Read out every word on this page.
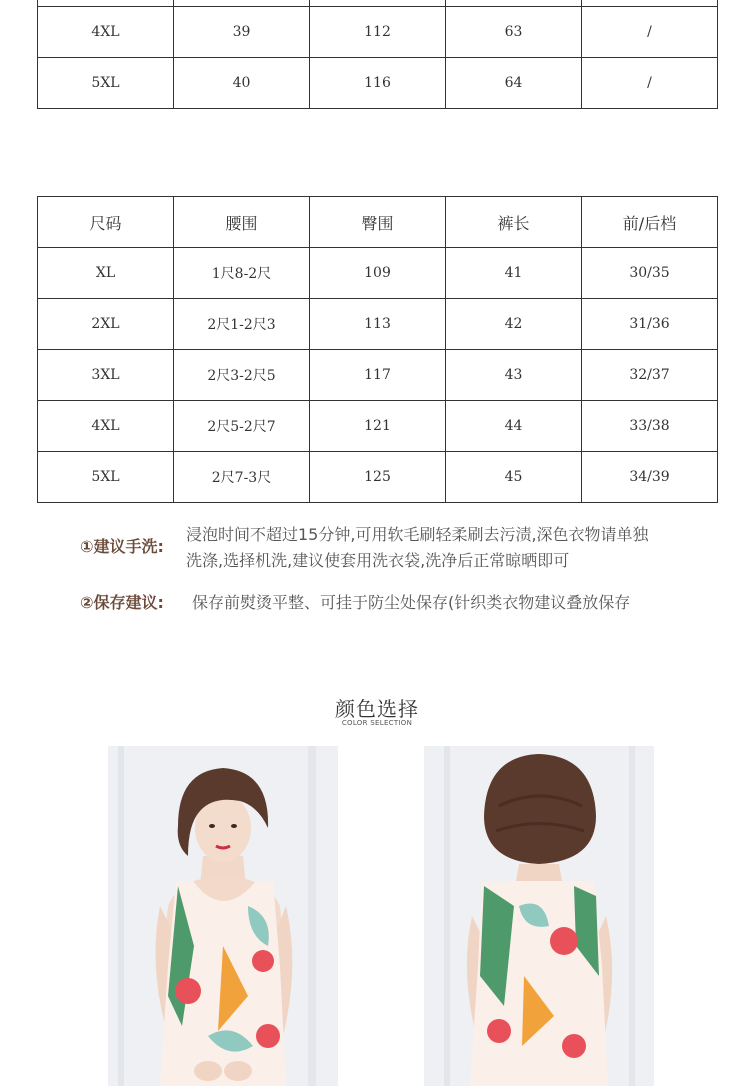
4XL	39	112	63	/
5XL	40	116	64	/
尺码	腰围	臀围	裤长	前/后档
XL	1尺8-2尺	109	41	30/35
2XL	2尺1-2尺3	113	42	31/36
3XL	2尺3-2尺5	117	43	32/37
4XL	2尺5-2尺7	121	44	33/38
5XL	2尺7-3尺	125	45	34/39
①建议手洗:
浸泡时间不超过15分钟,可用软毛刷轻柔刷去污渍,深色衣物请单独
洗涤,选择机洗,建议使套用洗衣袋,洗净后正常晾晒即可
②保存建议: 保存前熨烫平整、可挂于防尘处保存(针织类衣物建议叠放保存
颜色选择
COLOR SELECTION
